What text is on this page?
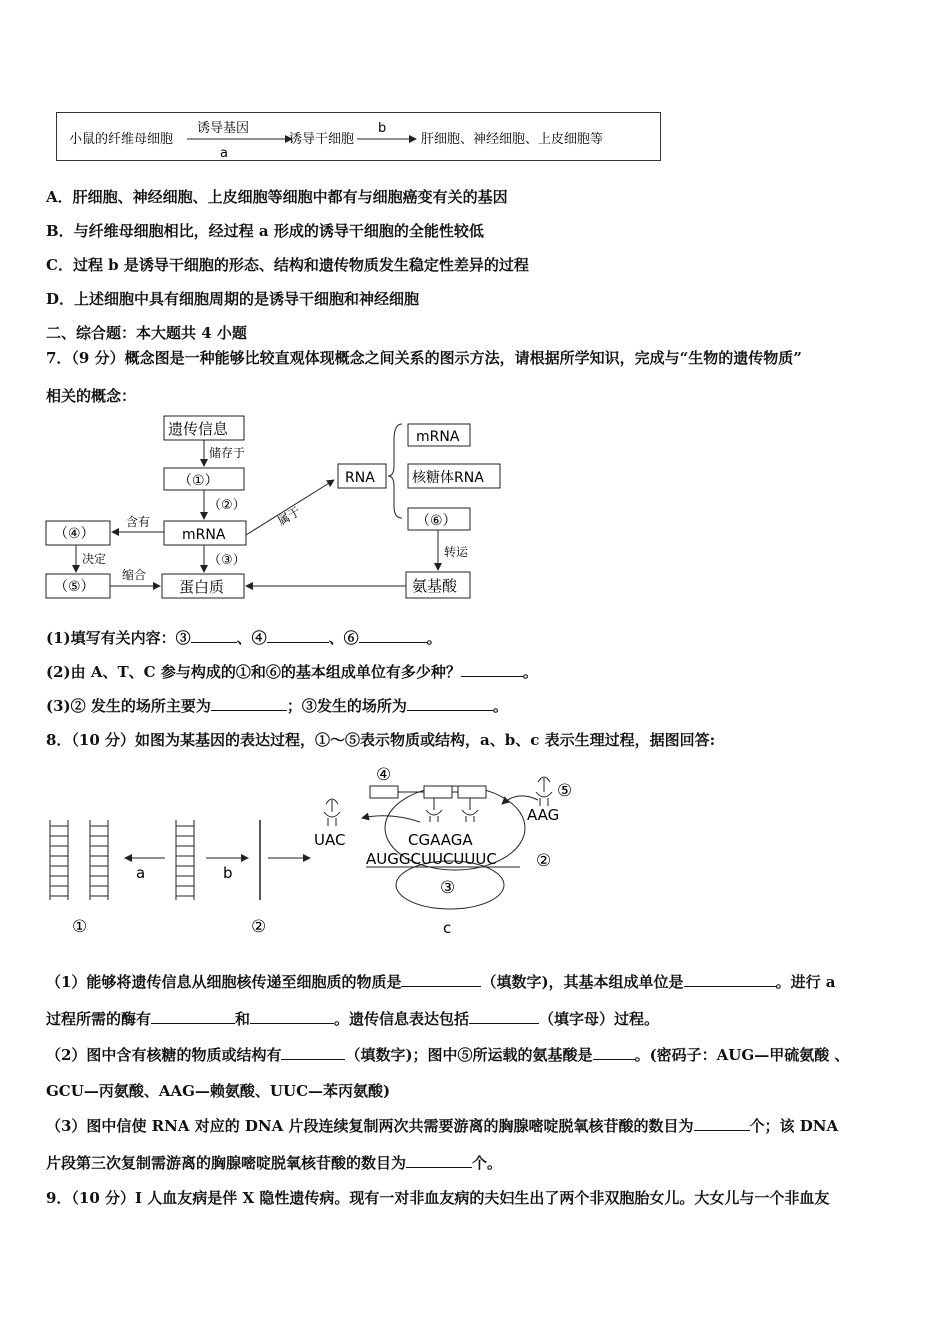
小鼠的纤维母细胞
诱导基因
a
诱导干细胞
b
肝细胞、神经细胞、上皮细胞等
A．肝细胞、神经细胞、上皮细胞等细胞中都有与细胞癌变有关的基因
B．与纤维母细胞相比，经过程 a 形成的诱导干细胞的全能性较低
C．过程 b 是诱导干细胞的形态、结构和遗传物质发生稳定性差异的过程
D．上述细胞中具有细胞周期的是诱导干细胞和神经细胞
二、综合题：本大题共 4 小题
7．（9 分）概念图是一种能够比较直观体现概念之间关系的图示方法，请根据所学知识，完成与“生物的遗传物质”
相关的概念：
遗传信息
储存于
（①）
（②）
mRNA
（③）
（④）
含有
决定
（⑤）
缩合
蛋白质
属于
RNA
mRNA
核糖体RNA
（⑥）
转运
氨基酸
(1)填写有关内容：③	、④	、⑥	。
(2)由 A、T、C 参与构成的①和⑥的基本组成单位有多少种？	。
(3)② 发生的场所主要为	；③发生的场所为	。
8．（10 分）如图为某基因的表达过程，①～⑤表示物质或结构，a、b、c 表示生理过程，据图回答:
①
a	b
②
③
④
UAC
⑤
AAG
CGAAGA
AUGGCUUCUUUC ②
c
（1）能够将遗传信息从细胞核传递至细胞质的物质是	（填数字)，其基本组成单位是	。进行 a
过程所需的酶有	和	。遗传信息表达包括	（填字母）过程。
（2）图中含有核糖的物质或结构有	（填数字)；图中⑤所运载的氨基酸是	。(密码子：AUG—甲硫氨酸 、
GCU—丙氨酸、AAG—赖氨酸、UUC—苯丙氨酸)
（3）图中信使 RNA 对应的 DNA 片段连续复制两次共需要游离的胸腺嘧啶脱氧核苷酸的数目为	个；该 DNA
片段第三次复制需游离的胸腺嘧啶脱氧核苷酸的数目为	个。
9．（10 分）I 人血友病是伴 X 隐性遗传病。现有一对非血友病的夫妇生出了两个非双胞胎女儿。大女儿与一个非血友
